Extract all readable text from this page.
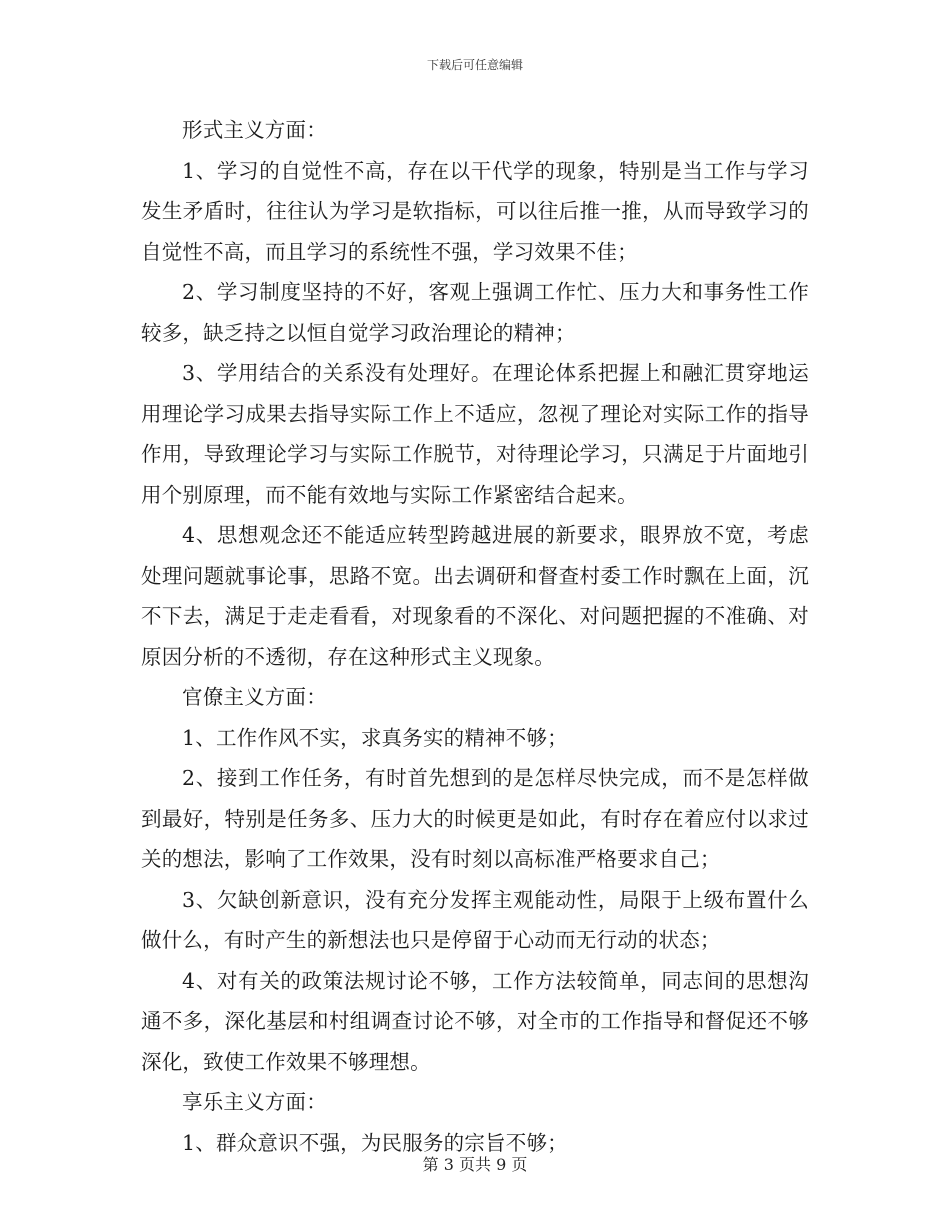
下载后可任意编辑

形式主义方面：

1、学习的自觉性不高，存在以干代学的现象，特别是当工作与学习发生矛盾时，往往认为学习是软指标，可以往后推一推，从而导致学习的自觉性不高，而且学习的系统性不强，学习效果不佳；

2、学习制度坚持的不好，客观上强调工作忙、压力大和事务性工作较多，缺乏持之以恒自觉学习政治理论的精神；

3、学用结合的关系没有处理好。在理论体系把握上和融汇贯穿地运用理论学习成果去指导实际工作上不适应，忽视了理论对实际工作的指导作用，导致理论学习与实际工作脱节，对待理论学习，只满足于片面地引用个别原理，而不能有效地与实际工作紧密结合起来。

4、思想观念还不能适应转型跨越进展的新要求，眼界放不宽，考虑处理问题就事论事，思路不宽。出去调研和督查村委工作时飘在上面，沉不下去，满足于走走看看，对现象看的不深化、对问题把握的不准确、对原因分析的不透彻，存在这种形式主义现象。

官僚主义方面：

1、工作作风不实，求真务实的精神不够；

2、接到工作任务，有时首先想到的是怎样尽快完成，而不是怎样做到最好，特别是任务多、压力大的时候更是如此，有时存在着应付以求过关的想法，影响了工作效果，没有时刻以高标准严格要求自己；

3、欠缺创新意识，没有充分发挥主观能动性，局限于上级布置什么做什么，有时产生的新想法也只是停留于心动而无行动的状态；

4、对有关的政策法规讨论不够，工作方法较简单，同志间的思想沟通不多，深化基层和村组调查讨论不够，对全市的工作指导和督促还不够深化，致使工作效果不够理想。

享乐主义方面：

1、群众意识不强，为民服务的宗旨不够；

第 3 页共 9 页
